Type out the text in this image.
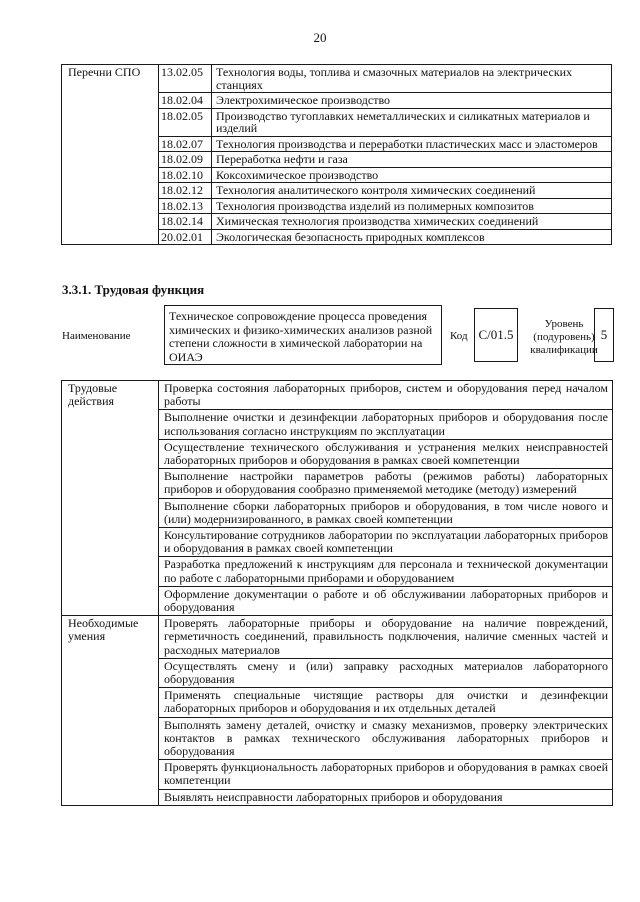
20
Перечни СПО	13.02.05	Технология воды, топлива и смазочных материалов на электрических станциях
	18.02.04	Электрохимическое производство
	18.02.05	Производство тугоплавких неметаллических и силикатных материалов и изделий
	18.02.07	Технология производства и переработки пластических масс и эластомеров
	18.02.09	Переработка нефти и газа
	18.02.10	Коксохимическое производство
	18.02.12	Технология аналитического контроля химических соединений
	18.02.13	Технология производства изделий из полимерных композитов
	18.02.14	Химическая технология производства химических соединений
	20.02.01	Экологическая безопасность природных комплексов
3.3.1. Трудовая функция
Наименование
Техническое сопровождение процесса проведения химических и физико-химических анализов разной степени сложности в химической лаборатории на ОИАЭ
Код C/01.5
Уровень (подуровень) квалификации
5
Трудовые действия	Проверка состояния лабораторных приборов, систем и оборудования перед началом работы
	Выполнение очистки и дезинфекции лабораторных приборов и оборудования после использования согласно инструкциям по эксплуатации
	Осуществление технического обслуживания и устранения мелких неисправностей лабораторных приборов и оборудования в рамках своей компетенции
	Выполнение настройки параметров работы (режимов работы) лабораторных приборов и оборудования сообразно применяемой методике (методу) измерений
	Выполнение сборки лабораторных приборов и оборудования, в том числе нового и (или) модернизированного, в рамках своей компетенции
	Консультирование сотрудников лаборатории по эксплуатации лабораторных приборов и оборудования в рамках своей компетенции
	Разработка предложений к инструкциям для персонала и технической документации по работе с лабораторными приборами и оборудованием
	Оформление документации о работе и об обслуживании лабораторных приборов и оборудования
Необходимые умения	Проверять лабораторные приборы и оборудование на наличие повреждений, герметичность соединений, правильность подключения, наличие сменных частей и расходных материалов
	Осуществлять смену и (или) заправку расходных материалов лабораторного оборудования
	Применять специальные чистящие растворы для очистки и дезинфекции лабораторных приборов и оборудования и их отдельных деталей
	Выполнять замену деталей, очистку и смазку механизмов, проверку электрических контактов в рамках технического обслуживания лабораторных приборов и оборудования
	Проверять функциональность лабораторных приборов и оборудования в рамках своей компетенции
	Выявлять неисправности лабораторных приборов и оборудования
